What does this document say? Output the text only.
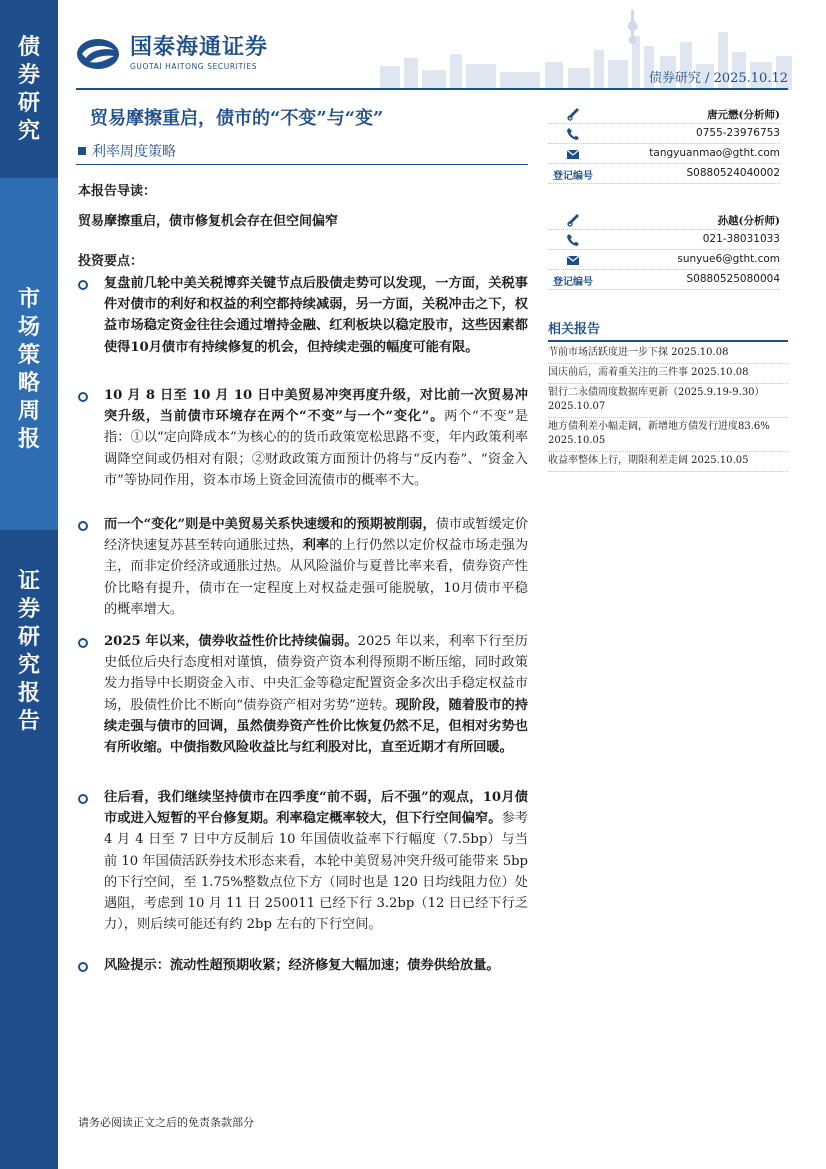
债
券
研
究
市
场
策
略
周
报
证
券
研
究
报
告
国泰海通证券
GUOTAI HAITONG SECURITIES
债券研究 / 2025.10.12
贸易摩擦重启，债市的“不变”与“变”
利率周度策略
本报告导读：
贸易摩擦重启，债市修复机会存在但空间偏窄
投资要点：

复盘前几轮中美关税博弈关键节点后股债走势可以发现，一方面，关税事件对债市的利好和权益的利空都持续减弱，另一方面，关税冲击之下，权益市场稳定资金往往会通过增持金融、红利板块以稳定股市，这些因素都使得10月债市有持续修复的机会，但持续走强的幅度可能有限。

10 月 8 日至 10 月 10 日中美贸易冲突再度升级，对比前一次贸易冲突升级，当前债市环境存在两个“不变”与一个“变化”。两个“不变”是指：①以“定向降成本”为核心的的货币政策宽松思路不变，年内政策利率调降空间或仍相对有限；②财政政策方面预计仍将与“反内卷”、“资金入市”等协同作用，资本市场上资金回流债市的概率不大。

而一个“变化”则是中美贸易关系快速缓和的预期被削弱，债市或暂缓定价经济快速复苏甚至转向通胀过热，利率的上行仍然以定价权益市场走强为主，而非定价经济或通胀过热。从风险溢价与夏普比率来看，债券资产性价比略有提升，债市在一定程度上对权益走强可能脱敏，10月债市平稳的概率增大。

2025 年以来，债券收益性价比持续偏弱。2025 年以来，利率下行至历史低位后央行态度相对谨慎，债券资产资本利得预期不断压缩，同时政策发力指导中长期资金入市、中央汇金等稳定配置资金多次出手稳定权益市场，股债性价比不断向“债券资产相对劣势”逆转。现阶段，随着股市的持续走强与债市的回调，虽然债券资产性价比恢复仍然不足，但相对劣势也有所收缩。中债指数风险收益比与红利股对比，直至近期才有所回暖。

往后看，我们继续坚持债市在四季度“前不弱，后不强”的观点，10月债市或进入短暂的平台修复期。利率稳定概率较大，但下行空间偏窄。参考 4 月 4 日至 7 日中方反制后 10 年国债收益率下行幅度（7.5bp）与当前 10 年国债活跃券技术形态来看，本轮中美贸易冲突升级可能带来 5bp 的下行空间，至 1.75%整数点位下方（同时也是 120 日均线阻力位）处遇阻，考虑到 10 月 11 日 250011 已经下行 3.2bp（12 日已经下行乏力），则后续可能还有约 2bp 左右的下行空间。

风险提示：流动性超预期收紧；经济修复大幅加速；债券供给放量。

唐元懋(分析师)
0755-23976753
tangyuanmao@gtht.com
登记编号	S0880524040002
孙越(分析师)
021-38031033
sunyue6@gtht.com
登记编号	S0880525080004
相关报告
节前市场活跃度进一步下探 2025.10.08
国庆前后，需着重关注的三件事 2025.10.08
银行二永债周度数据库更新（2025.9.19-9.30） 2025.10.07
地方债利差小幅走阔，新增地方债发行进度83.6% 2025.10.05
收益率整体上行，期限利差走阔 2025.10.05
请务必阅读正文之后的免责条款部分
